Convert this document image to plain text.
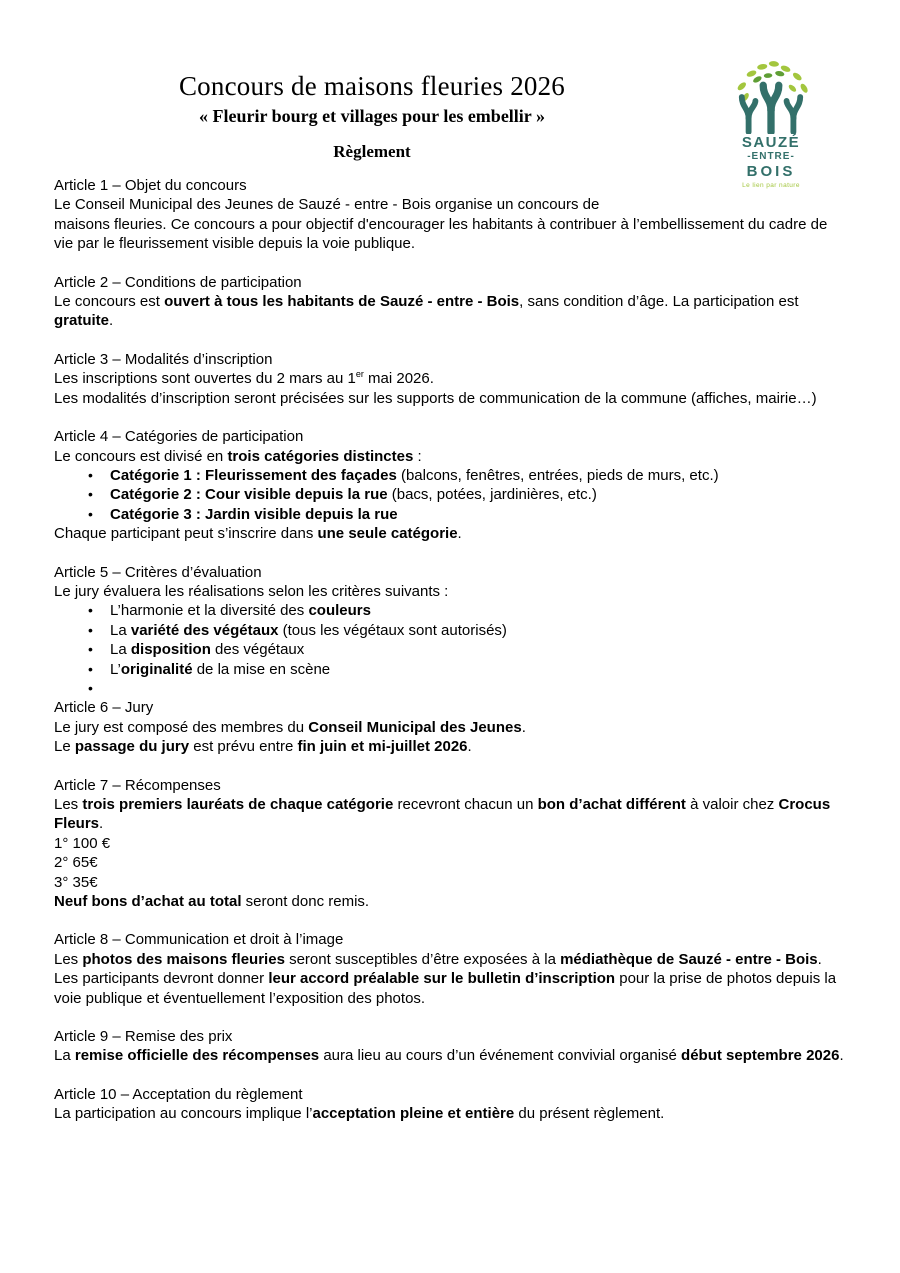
Concours de maisons fleuries 2026
« Fleurir bourg et villages pour les embellir »
Règlement	SAUZÉ
-ENTRE-
BOIS
Le lien par nature

Article 1 – Objet du concours

Le Conseil Municipal des Jeunes de Sauzé - entre - Bois organise un concours de

maisons fleuries. Ce concours a pour objectif d'encourager les habitants à contribuer à l’embellissement du cadre de vie par le fleurissement visible depuis la voie publique.

Article 2 – Conditions de participation

Le concours est ouvert à tous les habitants de Sauzé - entre - Bois, sans condition d’âge. La participation est gratuite.

Article 3 – Modalités d’inscription

Les inscriptions sont ouvertes du 2 mars au 1er mai 2026.

Les modalités d’inscription seront précisées sur les supports de communication de la commune (affiches, mairie…)

Article 4 – Catégories de participation

Le concours est divisé en trois catégories distinctes :

• Catégorie 1 : Fleurissement des façades (balcons, fenêtres, entrées, pieds de murs, etc.)
• Catégorie 2 : Cour visible depuis la rue (bacs, potées, jardinières, etc.)
• Catégorie 3 : Jardin visible depuis la rue

Chaque participant peut s’inscrire dans une seule catégorie.

Article 5 – Critères d’évaluation

Le jury évaluera les réalisations selon les critères suivants :

• L’harmonie et la diversité des couleurs
• La variété des végétaux (tous les végétaux sont autorisés)
• La disposition des végétaux
• L’originalité de la mise en scène
•

Article 6 – Jury

Le jury est composé des membres du Conseil Municipal des Jeunes.

Le passage du jury est prévu entre fin juin et mi-juillet 2026.

Article 7 – Récompenses

Les trois premiers lauréats de chaque catégorie recevront chacun un bon d’achat différent à valoir chez Crocus Fleurs.

1° 100 €

2° 65€

3° 35€

Neuf bons d’achat au total seront donc remis.

Article 8 – Communication et droit à l’image

Les photos des maisons fleuries seront susceptibles d’être exposées à la médiathèque de Sauzé - entre - Bois.

Les participants devront donner leur accord préalable sur le bulletin d’inscription pour la prise de photos depuis la voie publique et éventuellement l’exposition des photos.

Article 9 – Remise des prix

La remise officielle des récompenses aura lieu au cours d’un événement convivial organisé début septembre 2026.

Article 10 – Acceptation du règlement

La participation au concours implique l’acceptation pleine et entière du présent règlement.
